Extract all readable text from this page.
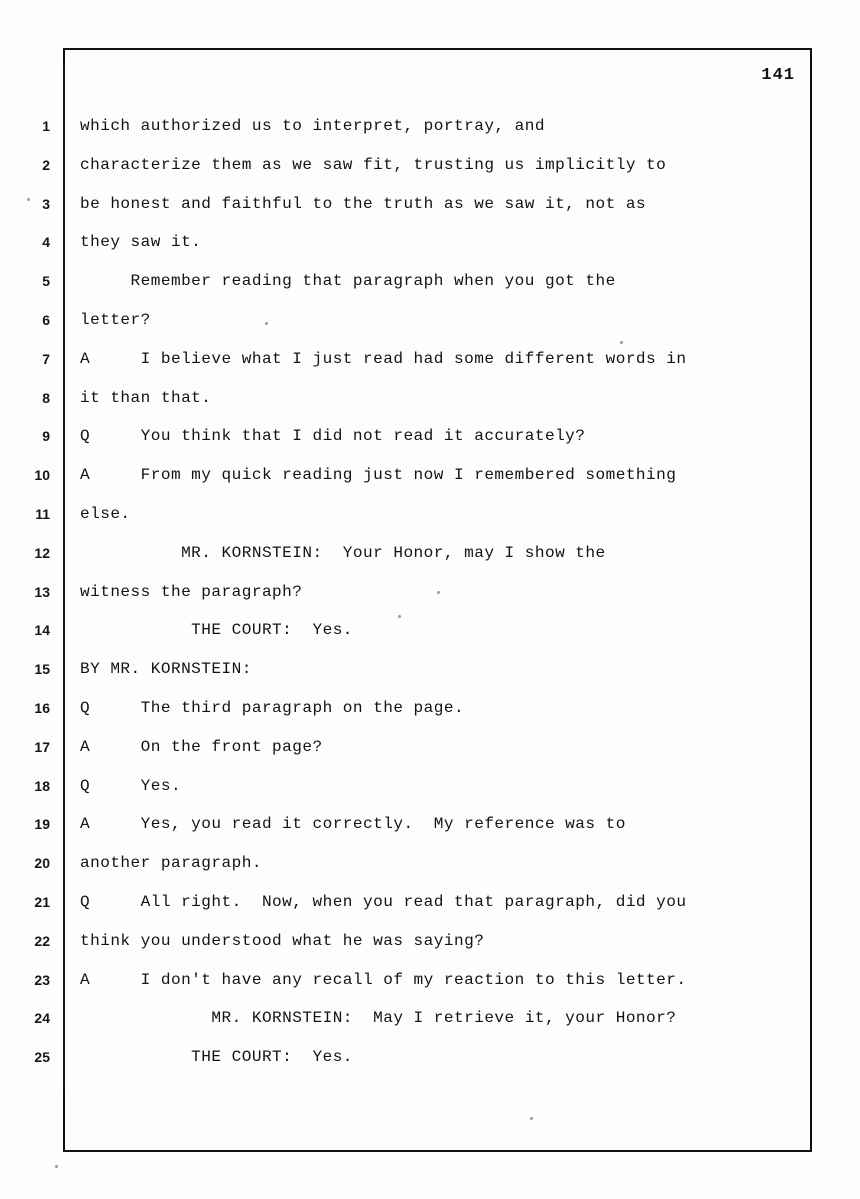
141
1 which authorized us to interpret, portray, and
2 characterize them as we saw fit, trusting us implicitly to
3 be honest and faithful to the truth as we saw it, not as
4 they saw it.
5 Remember reading that paragraph when you got the
6 letter?
7 A     I believe what I just read had some different words in
8 it than that.
9 Q     You think that I did not read it accurately?
10 A     From my quick reading just now I remembered something
11 else.
12 MR. KORNSTEIN:  Your Honor, may I show the
13 witness the paragraph?
14 THE COURT:  Yes.
15 BY MR. KORNSTEIN:
16 Q     The third paragraph on the page.
17 A     On the front page?
18 Q     Yes.
19 A     Yes, you read it correctly.  My reference was to
20 another paragraph.
21 Q     All right.  Now, when you read that paragraph, did you
22 think you understood what he was saying?
23 A     I don't have any recall of my reaction to this letter.
24 MR. KORNSTEIN:  May I retrieve it, your Honor?
25 THE COURT:  Yes.
